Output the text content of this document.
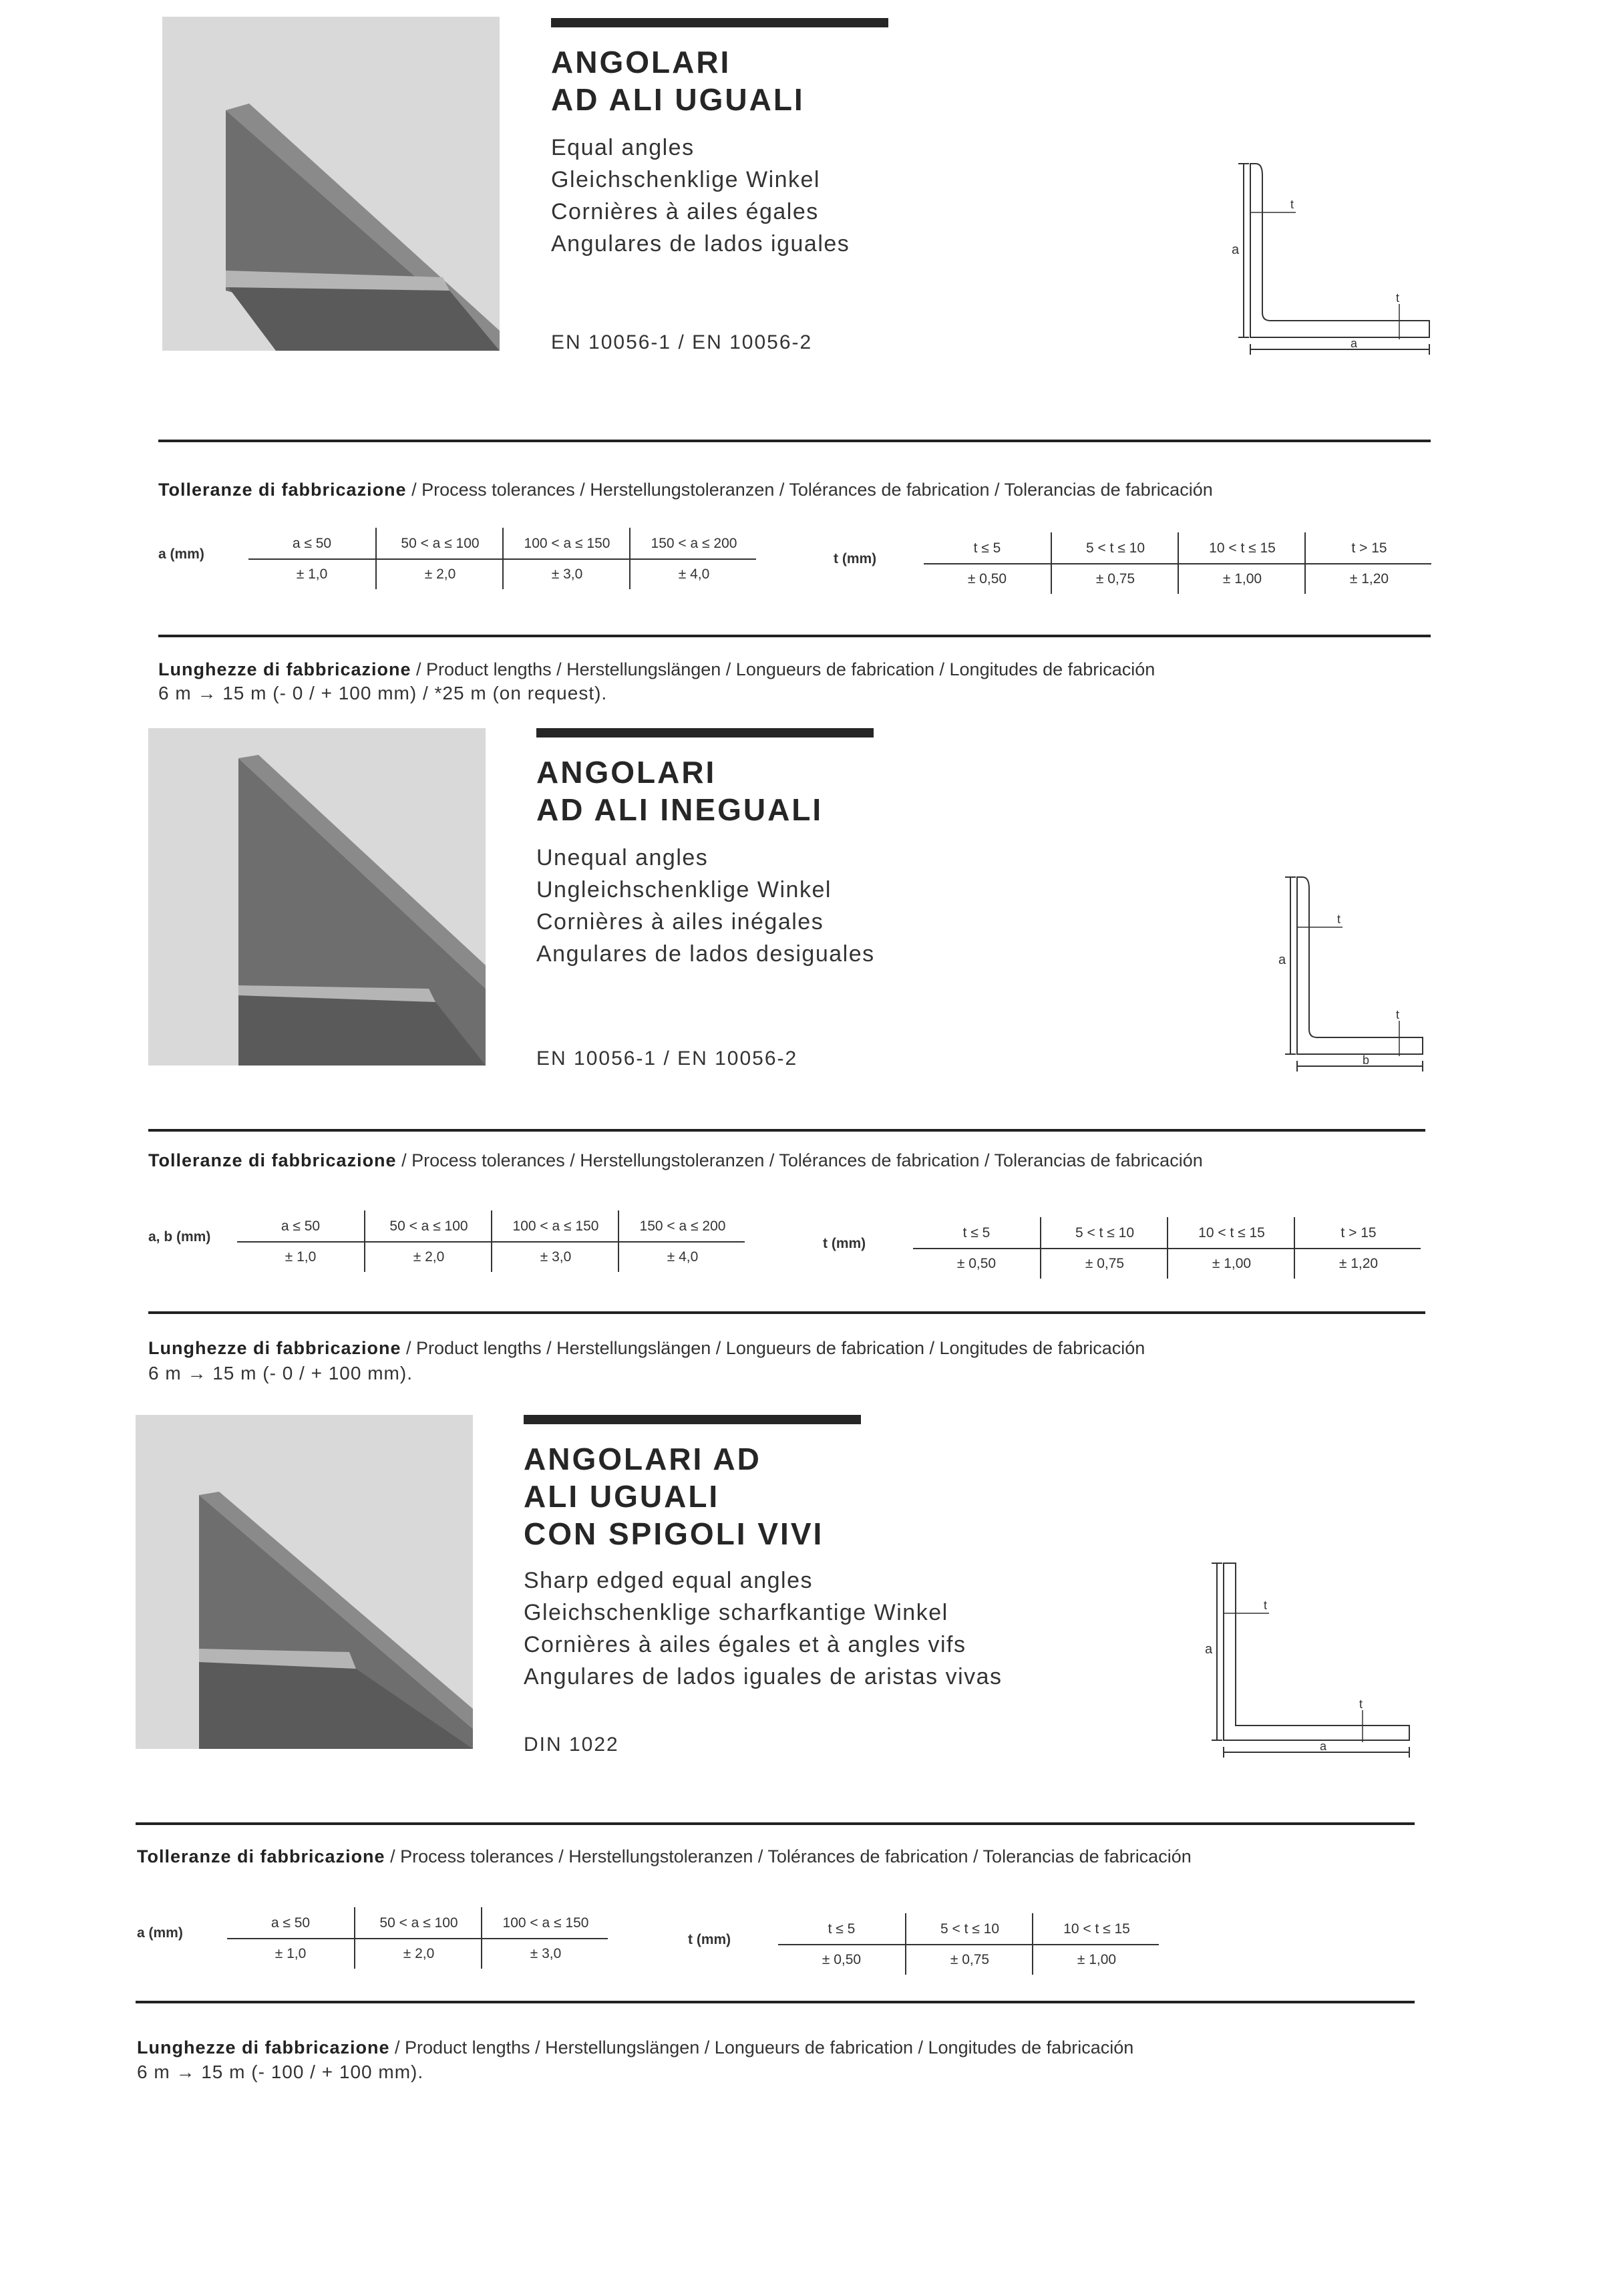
ANGOLARI
AD ALI UGUALI
Equal angles
Gleichschenklige Winkel
Cornières à ailes égales
Angulares de lados iguales
EN 10056-1 / EN 10056-2
a
t
t
a
Tolleranze di fabbricazione / Process tolerances / Herstellungstoleranzen / Tolérances de fabrication / Tolerancias de fabricación
a (mm)
a ≤ 50
± 1,0
50 < a ≤ 100
± 2,0
100 < a ≤ 150
± 3,0
150 < a ≤ 200
± 4,0
t (mm)
t ≤ 5
± 0,50
5 < t ≤ 10
± 0,75
10 < t ≤ 15
± 1,00
t > 15
± 1,20
Lunghezze di fabbricazione / Product lengths / Herstellungslängen / Longueurs de fabrication / Longitudes de fabricación
6 m → 15 m (- 0 / + 100 mm) / *25 m (on request).
ANGOLARI
AD ALI INEGUALI
Unequal angles
Ungleichschenklige Winkel
Cornières à ailes inégales
Angulares de lados desiguales
EN 10056-1 / EN 10056-2
a
t
t
b
Tolleranze di fabbricazione / Process tolerances / Herstellungstoleranzen / Tolérances de fabrication / Tolerancias de fabricación
a, b (mm)
a ≤ 50
± 1,0
50 < a ≤ 100
± 2,0
100 < a ≤ 150
± 3,0
150 < a ≤ 200
± 4,0
t (mm)
t ≤ 5
± 0,50
5 < t ≤ 10
± 0,75
10 < t ≤ 15
± 1,00
t > 15
± 1,20
Lunghezze di fabbricazione / Product lengths / Herstellungslängen / Longueurs de fabrication / Longitudes de fabricación
6 m → 15 m (- 0 / + 100 mm).
ANGOLARI AD
ALI UGUALI
CON SPIGOLI VIVI
Sharp edged equal angles
Gleichschenklige scharfkantige Winkel
Cornières à ailes égales et à angles vifs
Angulares de lados iguales de aristas vivas
DIN 1022
a
t
t
a
Tolleranze di fabbricazione / Process tolerances / Herstellungstoleranzen / Tolérances de fabrication / Tolerancias de fabricación
a (mm)
a ≤ 50
± 1,0
50 < a ≤ 100
± 2,0
100 < a ≤ 150
± 3,0
t (mm)
t ≤ 5
± 0,50
5 < t ≤ 10
± 0,75
10 < t ≤ 15
± 1,00
Lunghezze di fabbricazione / Product lengths / Herstellungslängen / Longueurs de fabrication / Longitudes de fabricación
6 m → 15 m (- 100 / + 100 mm).
